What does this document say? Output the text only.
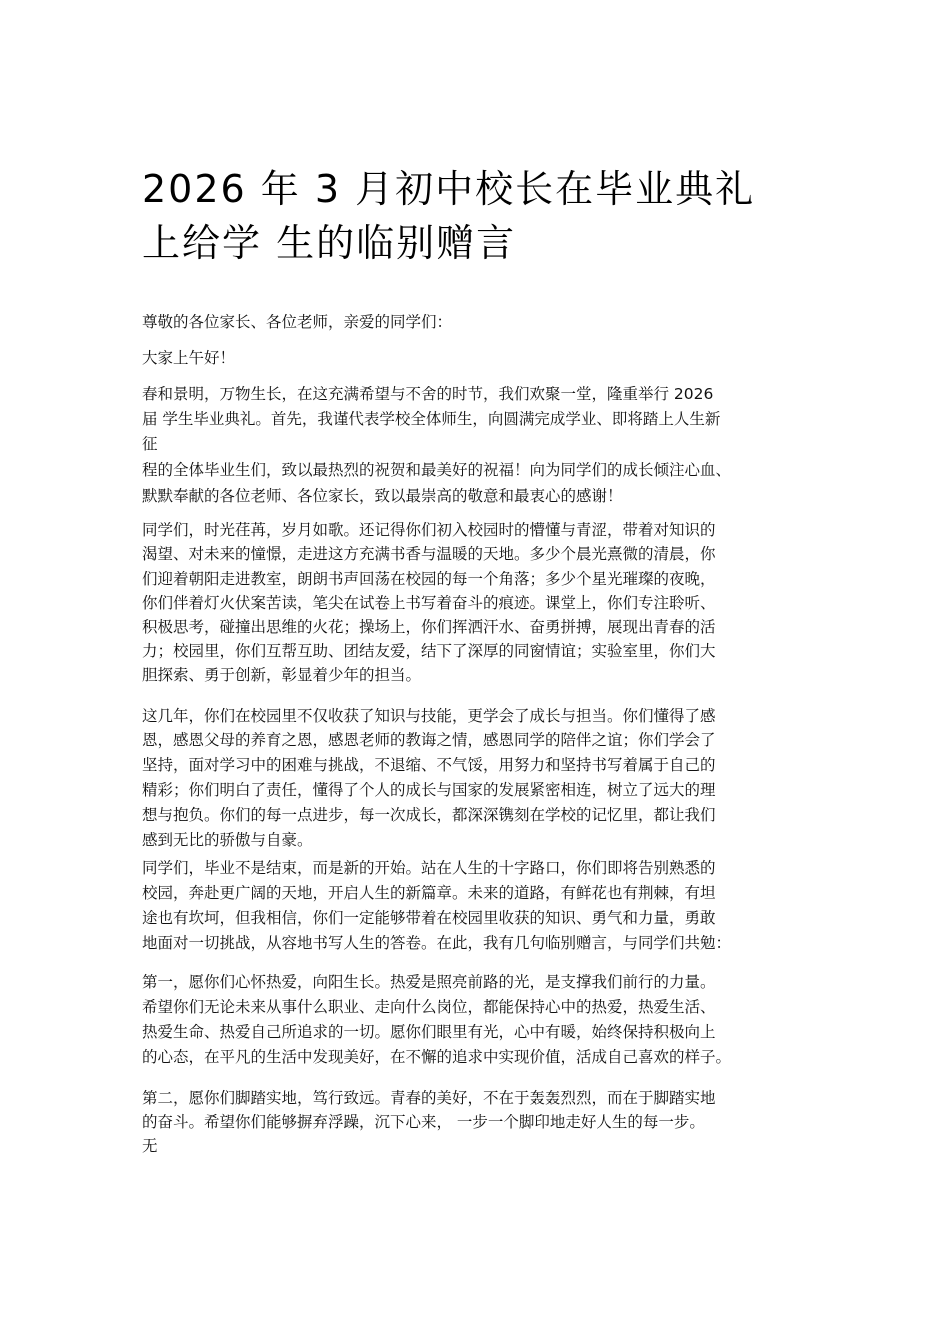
2026 年 3 月初中校长在毕业典礼
上给学 生的临别赠言
尊敬的各位家长、各位老师，亲爱的同学们：
大家上午好！
春和景明，万物生长，在这充满希望与不舍的时节，我们欢聚一堂，隆重举行 2026
届 学生毕业典礼。首先，我谨代表学校全体师生，向圆满完成学业、即将踏上人生新
征
程的全体毕业生们，致以最热烈的祝贺和最美好的祝福！向为同学们的成长倾注心血、
默默奉献的各位老师、各位家长，致以最崇高的敬意和最衷心的感谢！
同学们，时光荏苒，岁月如歌。还记得你们初入校园时的懵懂与青涩，带着对知识的
渴望、对未来的憧憬，走进这方充满书香与温暖的天地。多少个晨光熹微的清晨，你
们迎着朝阳走进教室，朗朗书声回荡在校园的每一个角落；多少个星光璀璨的夜晚，
你们伴着灯火伏案苦读，笔尖在试卷上书写着奋斗的痕迹。课堂上，你们专注聆听、
积极思考，碰撞出思维的火花；操场上，你们挥洒汗水、奋勇拼搏，展现出青春的活
力；校园里，你们互帮互助、团结友爱，结下了深厚的同窗情谊；实验室里，你们大
胆探索、勇于创新，彰显着少年的担当。
这几年，你们在校园里不仅收获了知识与技能，更学会了成长与担当。你们懂得了感
恩，感恩父母的养育之恩，感恩老师的教诲之情，感恩同学的陪伴之谊；你们学会了
坚持，面对学习中的困难与挑战，不退缩、不气馁，用努力和坚持书写着属于自己的
精彩；你们明白了责任，懂得了个人的成长与国家的发展紧密相连，树立了远大的理
想与抱负。你们的每一点进步，每一次成长，都深深镌刻在学校的记忆里，都让我们
感到无比的骄傲与自豪。
同学们，毕业不是结束，而是新的开始。站在人生的十字路口，你们即将告别熟悉的
校园，奔赴更广阔的天地，开启人生的新篇章。未来的道路，有鲜花也有荆棘，有坦
途也有坎坷，但我相信，你们一定能够带着在校园里收获的知识、勇气和力量，勇敢
地面对一切挑战，从容地书写人生的答卷。在此，我有几句临别赠言，与同学们共勉：
第一，愿你们心怀热爱，向阳生长。热爱是照亮前路的光，是支撑我们前行的力量。
希望你们无论未来从事什么职业、走向什么岗位，都能保持心中的热爱，热爱生活、
热爱生命、热爱自己所追求的一切。愿你们眼里有光，心中有暖，始终保持积极向上
的心态，在平凡的生活中发现美好，在不懈的追求中实现价值，活成自己喜欢的样子。
第二，愿你们脚踏实地，笃行致远。青春的美好，不在于轰轰烈烈，而在于脚踏实地
的奋斗。希望你们能够摒弃浮躁，沉下心来， 一步一个脚印地走好人生的每一步。
无
